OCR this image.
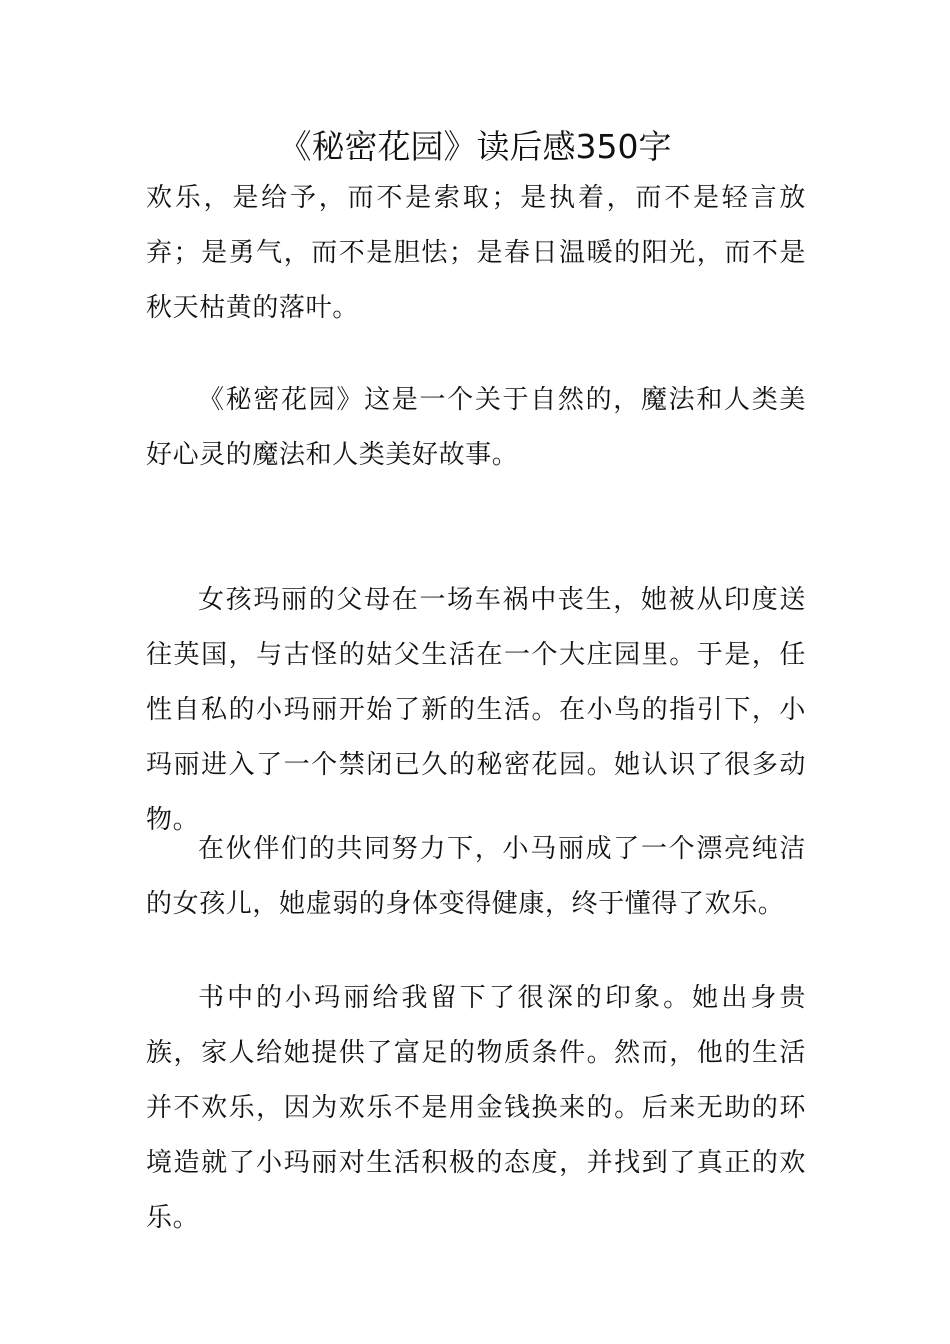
《秘密花园》读后感350字

欢乐，是给予，而不是索取；是执着，而不是轻言放弃；是勇气，而不是胆怯；是春日温暖的阳光，而不是秋天枯黄的落叶。

《秘密花园》这是一个关于自然的，魔法和人类美好心灵的魔法和人类美好故事。

女孩玛丽的父母在一场车祸中丧生，她被从印度送往英国，与古怪的姑父生活在一个大庄园里。于是，任性自私的小玛丽开始了新的生活。在小鸟的指引下，小玛丽进入了一个禁闭已久的秘密花园。她认识了很多动物。

在伙伴们的共同努力下，小马丽成了一个漂亮纯洁的女孩儿，她虚弱的身体变得健康，终于懂得了欢乐。

书中的小玛丽给我留下了很深的印象。她出身贵族，家人给她提供了富足的物质条件。然而，他的生活并不欢乐，因为欢乐不是用金钱换来的。后来无助的环境造就了小玛丽对生活积极的态度，并找到了真正的欢乐。
